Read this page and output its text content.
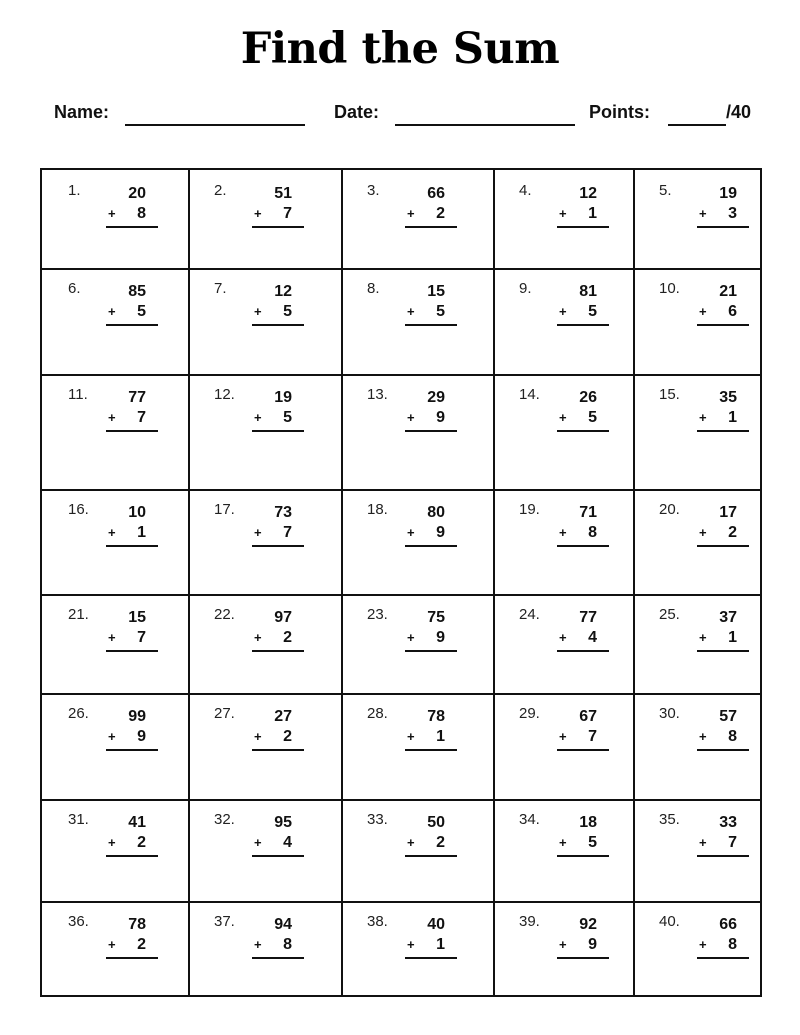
Find the Sum
Name:	Date:	Points:	/40
1.	20
+ 8
2.	51
+ 7
3.	66
+ 2
4.	12
+ 1
5.	19
+ 3
6.	85
+ 5
7.	12
+ 5
8.	15
+ 5
9.	81
+ 5
10.	21
+ 6
11.	77
+ 7
12.	19
+ 5
13.	29
+ 9
14.	26
+ 5
15.	35
+ 1
16.	10
+ 1
17.	73
+ 7
18.	80
+ 9
19.	71
+ 8
20.	17
+ 2
21.	15
+ 7
22.	97
+ 2
23.	75
+ 9
24.	77
+ 4
25.	37
+ 1
26.	99
+ 9
27.	27
+ 2
28.	78
+ 1
29.	67
+ 7
30.	57
+ 8
31.	41
+ 2
32.	95
+ 4
33.	50
+ 2
34.	18
+ 5
35.	33
+ 7
36.	78
+ 2
37.	94
+ 8
38.	40
+ 1
39.	92
+ 9
40.	66
+ 8
